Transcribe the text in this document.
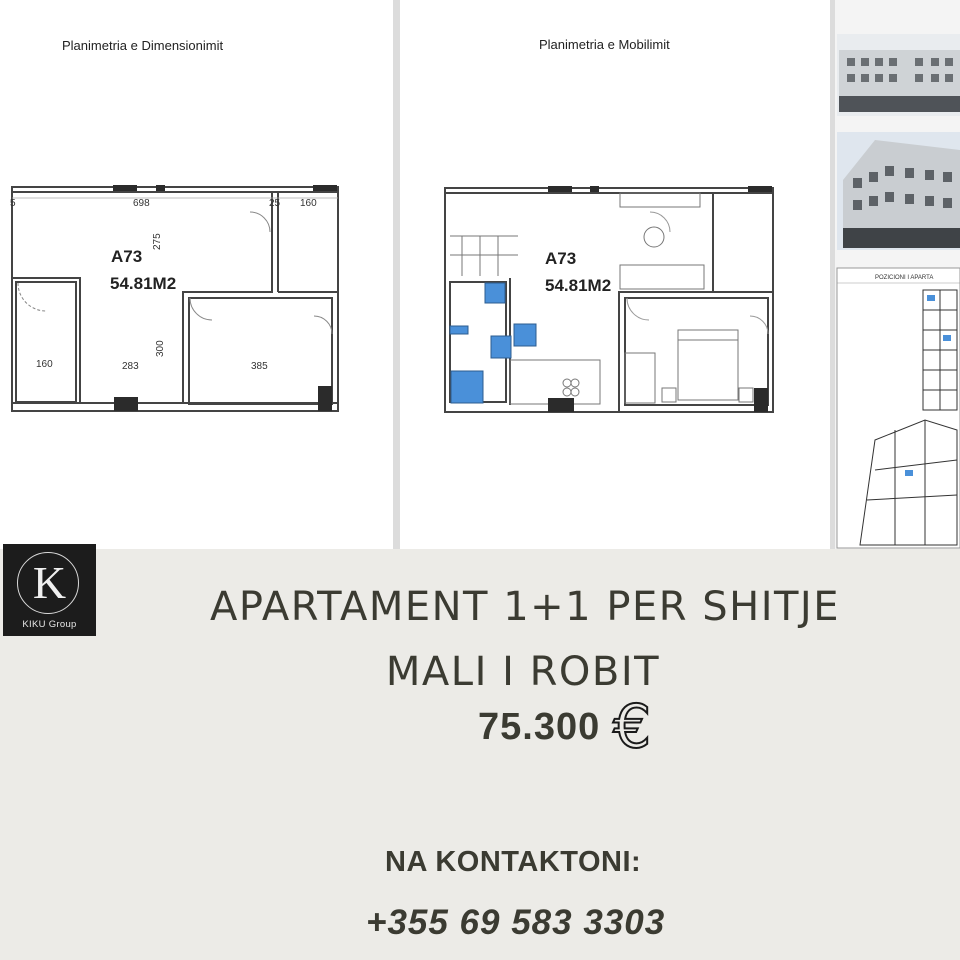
Planimetria e Dimensionimit
5	698	25 160
160	283	385
275
300
A73
54.81M2
Planimetria e Mobilimit
A73
54.81M2	POZICIONI I APARTA
K
KIKU Group	APARTAMENT 1+1 PER SHITJE
MALI I ROBIT
75.300 €
NA KONTAKTONI:
+355 69 583 3303
